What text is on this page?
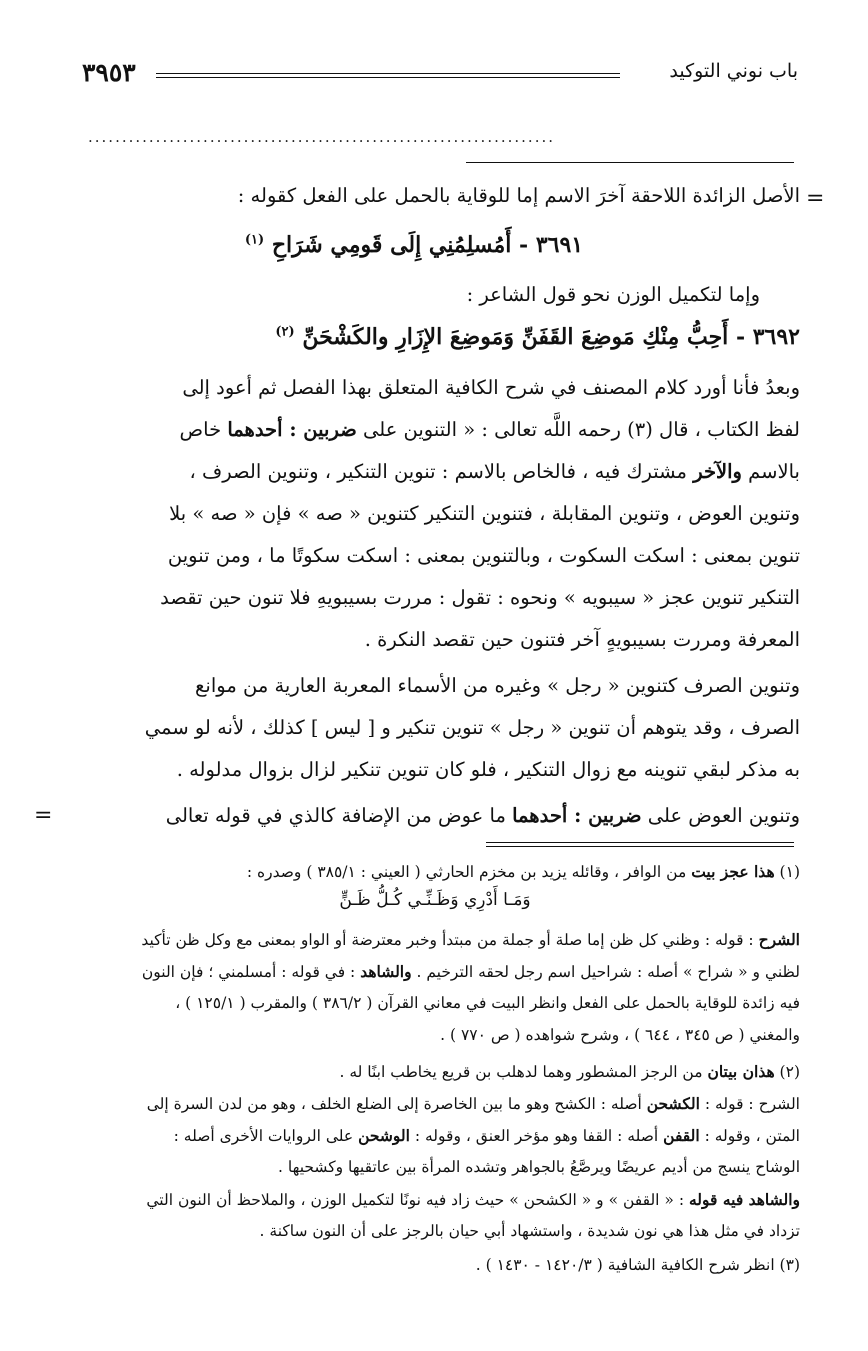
٣٩٥٣	باب نوني التوكيد
.....................................................................
=
الأصل الزائدة اللاحقة آخرَ الاسم إما للوقاية بالحمل على الفعل كقوله :
٣٦٩١ - أَمُسلِمُنِي إِلَى قَومِي شَرَاحِ $^{(١)}$
وإما لتكميل الوزن نحو قول الشاعر :
٣٦٩٢ - أَحِبُّ مِنْكِ مَوضِعَ القَفَنِّ وَمَوضِعَ الإِزَارِ والكَشْحَنِّ $^{(٢)}$
وبعدُ فأنا أورد كلام المصنف في شرح الكافية المتعلق بهذا الفصل ثم أعود إلى
لفظ الكتاب ، قال (٣) رحمه اللَّه تعالى : « التنوين على ضربين : أحدهما خاص
بالاسم والآخر مشترك فيه ، فالخاص بالاسم : تنوين التنكير ، وتنوين الصرف ،
وتنوين العوض ، وتنوين المقابلة ، فتنوين التنكير كتنوين « صه » فإن « صه » بلا
تنوين بمعنى : اسكت السكوت ، وبالتنوين بمعنى : اسكت سكوتًا ما ، ومن تنوين
التنكير تنوين عجز « سيبويه » ونحوه : تقول : مررت بسيبويهِ فلا تنون حين تقصد
المعرفة ومررت بسيبويهٍ آخر فتنون حين تقصد النكرة .
وتنوين الصرف كتنوين « رجل » وغيره من الأسماء المعربة العارية من موانع
الصرف ، وقد يتوهم أن تنوين « رجل » تنوين تنكير و [ ليس ] كذلك ، لأنه لو سمي
به مذكر لبقي تنوينه مع زوال التنكير ، فلو كان تنوين تنكير لزال بزوال مدلوله .
وتنوين العوض على ضربين : أحدهما ما عوض من الإضافة كالذي في قوله تعالى
=
(١) هذا عجز بيت من الوافر ، وقائله يزيد بن مخزم الحارثي ( العيني : ٣٨٥/١ ) وصدره :
وَمَـا أَدْرِي وَظَـنِّـي كُـلُّ ظَـنٍّ
الشرح : قوله : وظني كل ظن إما صلة أو جملة من مبتدأ وخبر معترضة أو الواو بمعنى مع وكل ظن تأكيد
لظني و « شراح » أصله : شراحيل اسم رجل لحقه الترخيم . والشاهد : في قوله : أمسلمني ؛ فإن النون
فيه زائدة للوقاية بالحمل على الفعل وانظر البيت في معاني القرآن ( ٣٨٦/٢ ) والمقرب ( ١٢٥/١ ) ،
والمغني ( ص ٣٤٥ ، ٦٤٤ ) ، وشرح شواهده ( ص ٧٧٠ ) .
(٢) هذان بيتان من الرجز المشطور وهما لدهلب بن قريع يخاطب ابنًا له .
الشرح : قوله : الكشحن أصله : الكشح وهو ما بين الخاصرة إلى الضلع الخلف ، وهو من لدن السرة إلى
المتن ، وقوله : القفن أصله : القفا وهو مؤخر العنق ، وقوله : الوشحن على الروايات الأخرى أصله :
الوشاح ينسج من أديم عريضًا ويرصَّعُ بالجواهر وتشده المرأة بين عاتقيها وكشحيها .
والشاهد فيه قوله : « القفن » و « الكشحن » حيث زاد فيه نونًا لتكميل الوزن ، والملاحظ أن النون التي
تزداد في مثل هذا هي نون شديدة ، واستشهاد أبي حيان بالرجز على أن النون ساكنة .
(٣) انظر شرح الكافية الشافية ( ١٤٢٠/٣ - ١٤٣٠ ) .
